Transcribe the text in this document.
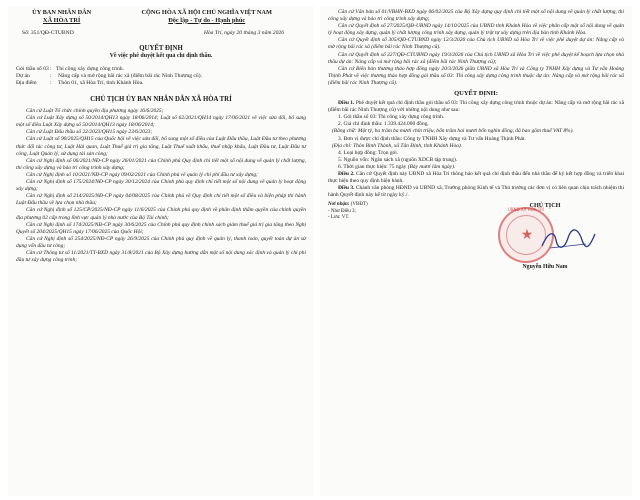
ỦY BAN NHÂN DÂN
XÃ HÒA TRÍ
CỘNG HÒA XÃ HỘI CHỦ NGHĨA VIỆT NAM
Độc lập - Tự do - Hạnh phúc
Số: 351/QĐ-CTUBND	Hòa Trí, ngày 20 tháng 3 năm 2026
QUYẾT ĐỊNH
Về việc phê duyệt kết quả chỉ định thầu.
Gói thầu số 03 : Thi công xây dựng công trình.
Dự án	:	Nâng cấp và mở rộng bãi rác xã (điểm bãi rác Ninh Thượng cũ).
Địa điểm	:	Thôn 01, xã Hòa Trí, tỉnh Khánh Hòa.
CHỦ TỊCH ỦY BAN NHÂN DÂN XÃ HÒA TRÍ

Căn cứ Luật Tổ chức chính quyền địa phương ngày 16/6/2025;

Căn cứ Luật Xây dựng số 50/2014/QH13 ngày 18/06/2014; Luật số 62/2021/QH14 ngày 17/06/2021 về việc sửa đổi, bổ sung một số điều Luật Xây dựng số 50/2014/QH13 ngày 18/06/2014;

Căn cứ Luật Đấu thầu số 22/2023/QH15 ngày 23/6/2023;

Căn cứ Luật số 90/2025/QH15 của Quốc hội về việc sửa đổi, bổ sung một số điều của Luật Đấu thầu, Luật Đầu tư theo phương thức đối tác công tư, Luật Hải quan, Luật Thuế giá trị gia tăng, Luật Thuế xuất khẩu, thuế nhập khẩu, Luật Đầu tư, Luật Đầu tư công, Luật Quản lý, sử dụng tài sản công;

Căn cứ Nghị định số 06/2021/NĐ-CP ngày 26/01/2021 của Chính phủ Quy định chi tiết một số nội dung về quản lý chất lượng, thi công xây dựng và bảo trì công trình xây dựng;

Căn cứ Nghị định số 10/2021/NĐ-CP ngày 09/02/2021 của Chính phủ về quản lý chi phí đầu tư xây dựng;

Căn cứ Nghị định số 175/2024/NĐ-CP ngày 30/12/2024 của Chính phủ quy định chi tiết một số nội dung về quản lý hoạt động xây dựng;

Căn cứ Nghị định số 214/2025/NĐ-CP ngày 04/08/2025 của Chính phủ về Quy định chi tiết một số điều và biện pháp thi hành Luật Đấu thầu về lựa chọn nhà thầu;

Căn cứ Nghị định số 125/CP/2025/NĐ-CP ngày 11/6/2025 của Chính phủ quy định về phân định thẩm quyền của chính quyền địa phương 02 cấp trong lĩnh vực quản lý nhà nước của Bộ Tài chính;

Căn cứ Nghị định số 174/2025/NĐ-CP ngày 30/6/2025 của Chính phủ quy định chính sách giảm thuế giá trị gia tăng theo Nghị Quyết số 204/2025/QH15 ngày 17/06/2025 của Quốc Hội;

Căn cứ Nghị định số 254/2025/NĐ-CP ngày 26/9/2025 của Chính phủ quy định về quản lý, thanh toán, quyết toán dự án sử dụng vốn đầu tư công;

Căn cứ Thông tư số 11/2021/TT-BXD ngày 31/8/2021 của Bộ Xây dựng hướng dẫn một số nội dung xác định và quản lý chi phí đầu tư xây dựng công trình;

Căn cứ Văn bản số 01/VBHN-BXD ngày 06/02/2025 của Bộ Xây dựng quy định chi tiết một số nội dung về quản lý chất lượng, thi công xây dựng và bảo trì công trình xây dựng;

Căn cứ Quyết định số 27/2025/QĐ-UBND ngày 14/10/2025 của UBND tỉnh Khánh Hòa về việc phân cấp một số nội dung về quản lý hoạt động xây dựng, quản lý chất lượng công trình xây dựng, quản lý trật tự xây dựng trên địa bàn tỉnh Khánh Hòa.

Căn cứ Quyết định số 305/QĐ-CTUBND ngày 12/3/2026 của Chủ tịch UBND xã Hòa Trí về việc phê duyệt dự án: Nâng cấp và mở rộng bãi rác xã (điểm bãi rác Ninh Thượng cũ).

Căn cứ Quyết định số 327/QĐ-CTUBND ngày 19/3/2026 của Chủ tịch UBND xã Hòa Trí về việc phê duyệt kế hoạch lựa chọn nhà thầu dự án: Nâng cấp và mở rộng bãi rác xã (điểm bãi rác Ninh Thượng cũ);

Căn cứ Biên bản thương thảo hợp đồng ngày 20/3/2026 giữa UBND xã Hòa Trí và Công ty TNHH Xây dựng và Tư vấn Hoàng Thịnh Phát về việc thương thảo hợp đồng gói thầu số 03: Thi công xây dựng công trình thuộc dự án: Nâng cấp và mở rộng bãi rác xã (điểm bãi rác Ninh Thượng cũ).

QUYẾT ĐỊNH:

Điều 1. Phê duyệt kết quả chỉ định thầu gói thầu số 03: Thi công xây dựng công trình thuộc dự án: Nâng cấp và mở rộng bãi rác xã (điểm bãi rác Ninh Thượng cũ) với những nội dung như sau:

1. Gói thầu số 03: Thi công xây dựng công trình.

2. Giá chỉ định thầu: 1.339.424.000 đồng.

(Bằng chữ: Một tỷ, ba trăm ba mươi chín triệu, bốn trăm hai mươi bốn nghìn đồng, đã bao gồm thuế VAT 8%).

3. Đơn vị được chỉ định thầu: Công ty TNHH Xây dựng và Tư vấn Hoàng Thịnh Phát.

(Địa chỉ: Thôn Bình Thành, xã Tân Định, tỉnh Khánh Hòa).

4. Loại hợp đồng: Trọn gói.

5. Nguồn vốn: Ngân sách xã (nguồn XDCB tập trung).

6. Thời gian thực hiện: 75 ngày (Bảy mươi lăm ngày).

Điều 2. Căn cứ Quyết định này UBND xã Hòa Trí thông báo kết quả chỉ định thầu đến nhà thầu để ký kết hợp đồng và triển khai thực hiện theo quy định hiện hành.

Điều 3. Chánh văn phòng HĐND và UBND xã, Trưởng phòng Kinh tế và Thủ trưởng các đơn vị có liên quan chịu trách nhiệm thi hành Quyết định này kể từ ngày ký./.

Nơi nhận: (VBĐT)
- Như Điều 3;
- Lưu: VT.
CHỦ TỊCH
UBND XÃ HÒA TRÍ
★
Nguyễn Hữu Nam
